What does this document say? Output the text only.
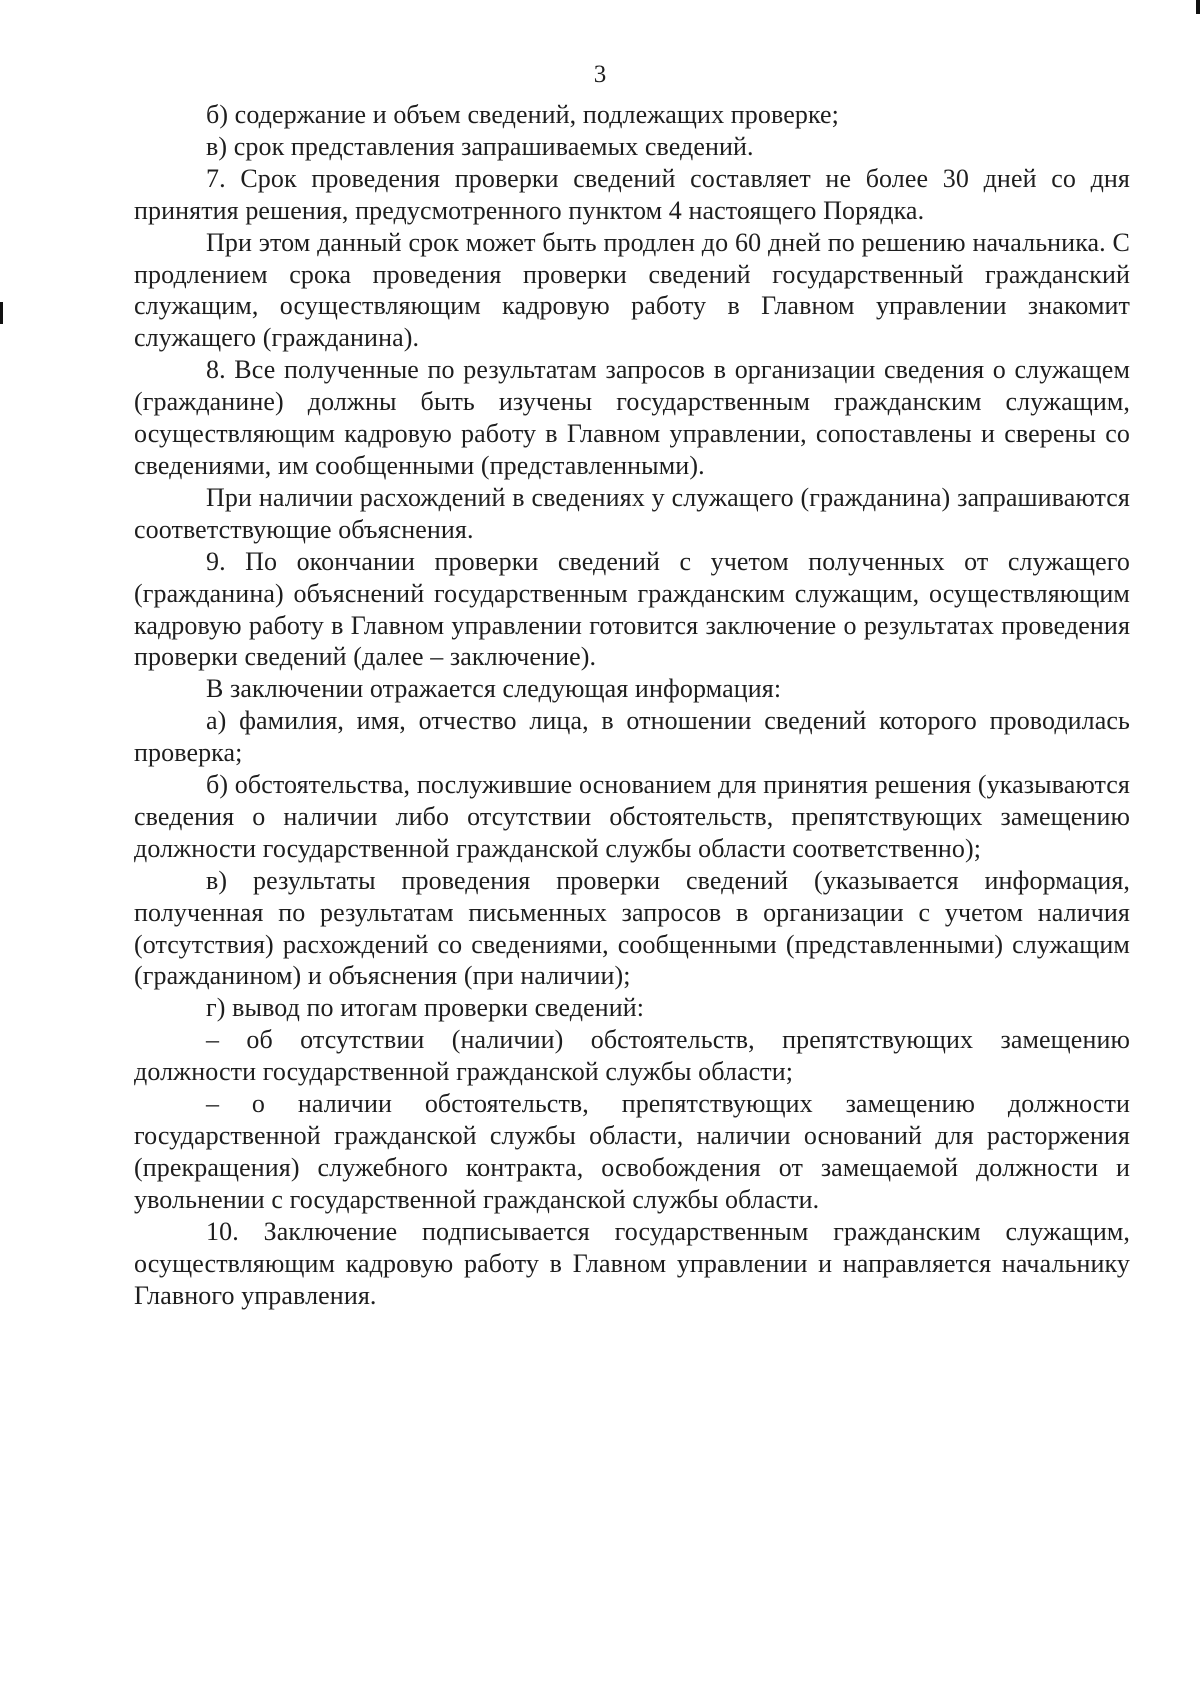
3

б) содержание и объем сведений, подлежащих проверке;

в) срок представления запрашиваемых сведений.

7. Срок проведения проверки сведений составляет не более 30 дней со дня принятия решения, предусмотренного пунктом 4 настоящего Порядка.

При этом данный срок может быть продлен до 60 дней по решению начальника. С продлением срока проведения проверки сведений государственный гражданский служащим, осуществляющим кадровую работу в Главном управлении знакомит служащего (гражданина).

8. Все полученные по результатам запросов в организации сведения о служащем (гражданине) должны быть изучены государственным гражданским служащим, осуществляющим кадровую работу в Главном управлении, сопоставлены и сверены со сведениями, им сообщенными (представленными).

При наличии расхождений в сведениях у служащего (гражданина) запрашиваются соответствующие объяснения.

9. По окончании проверки сведений с учетом полученных от служащего (гражданина) объяснений государственным гражданским служащим, осуществляющим кадровую работу в Главном управлении готовится заключение о результатах проведения проверки сведений (далее – заключение).

В заключении отражается следующая информация:

а) фамилия, имя, отчество лица, в отношении сведений которого проводилась проверка;

б) обстоятельства, послужившие основанием для принятия решения (указываются сведения о наличии либо отсутствии обстоятельств, препятствующих замещению должности государственной гражданской службы области соответственно);

в) результаты проведения проверки сведений (указывается информация, полученная по результатам письменных запросов в организации с учетом наличия (отсутствия) расхождений со сведениями, сообщенными (представленными) служащим (гражданином) и объяснения (при наличии);

г) вывод по итогам проверки сведений:

– об отсутствии (наличии) обстоятельств, препятствующих замещению должности государственной гражданской службы области;

– о наличии обстоятельств, препятствующих замещению должности государственной гражданской службы области, наличии оснований для расторжения (прекращения) служебного контракта, освобождения от замещаемой должности и увольнении с государственной гражданской службы области.

10. Заключение подписывается государственным гражданским служащим, осуществляющим кадровую работу в Главном управлении и направляется начальнику Главного управления.
